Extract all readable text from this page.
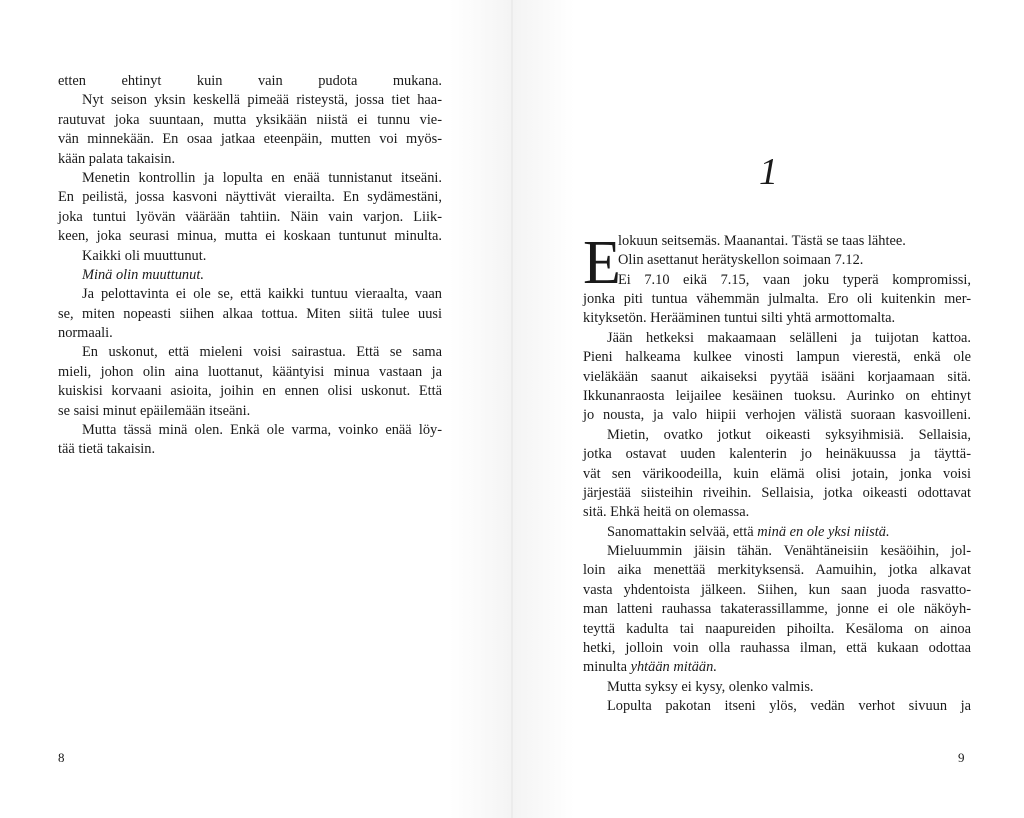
etten ehtinyt kuin vain pudota mukana.
Nyt seison yksin keskellä pimeää risteystä, jossa tiet haa-
rautuvat joka suuntaan, mutta yksikään niistä ei tunnu vie-
vän minnekään. En osaa jatkaa eteenpäin, mutten voi myös-
kään palata takaisin.
Menetin kontrollin ja lopulta en enää tunnistanut itseäni.
En peilistä, jossa kasvoni näyttivät vierailta. En sydämestäni,
joka tuntui lyövän väärään tahtiin. Näin vain varjon. Liik-
keen, joka seurasi minua, mutta ei koskaan tuntunut minulta.
Kaikki oli muuttunut.
Minä olin muuttunut.
Ja pelottavinta ei ole se, että kaikki tuntuu vieraalta, vaan
se, miten nopeasti siihen alkaa tottua. Miten siitä tulee uusi
normaali.
En uskonut, että mieleni voisi sairastua. Että se sama
mieli, johon olin aina luottanut, kääntyisi minua vastaan ja
kuiskisi korvaani asioita, joihin en ennen olisi uskonut. Että
se saisi minut epäilemään itseäni.
Mutta tässä minä olen. Enkä ole varma, voinko enää löy-
tää tietä takaisin.
1
E
lokuun seitsemäs. Maanantai. Tästä se taas lähtee.
Olin asettanut herätyskellon soimaan 7.12.
Ei 7.10 eikä 7.15, vaan joku typerä kompromissi,
jonka piti tuntua vähemmän julmalta. Ero oli kuitenkin mer-
kityksetön. Herääminen tuntui silti yhtä armottomalta.
Jään hetkeksi makaamaan selälleni ja tuijotan kattoa.
Pieni halkeama kulkee vinosti lampun vierestä, enkä ole
vieläkään saanut aikaiseksi pyytää isääni korjaamaan sitä.
Ikkunanraosta leijailee kesäinen tuoksu. Aurinko on ehtinyt
jo nousta, ja valo hiipii verhojen välistä suoraan kasvoilleni.
Mietin, ovatko jotkut oikeasti syksyihmisiä. Sellaisia,
jotka ostavat uuden kalenterin jo heinäkuussa ja täyttä-
vät sen värikoodeilla, kuin elämä olisi jotain, jonka voisi
järjestää siisteihin riveihin. Sellaisia, jotka oikeasti odottavat
sitä. Ehkä heitä on olemassa.
Sanomattakin selvää, että minä en ole yksi niistä.
Mieluummin jäisin tähän. Venähtäneisiin kesäöihin, jol-
loin aika menettää merkityksensä. Aamuihin, jotka alkavat
vasta yhdentoista jälkeen. Siihen, kun saan juoda rasvatto-
man latteni rauhassa takaterassillamme, jonne ei ole näköyh-
teyttä kadulta tai naapureiden pihoilta. Kesäloma on ainoa
hetki, jolloin voin olla rauhassa ilman, että kukaan odottaa
minulta yhtään mitään.
Mutta syksy ei kysy, olenko valmis.
Lopulta pakotan itseni ylös, vedän verhot sivuun ja
8	9
